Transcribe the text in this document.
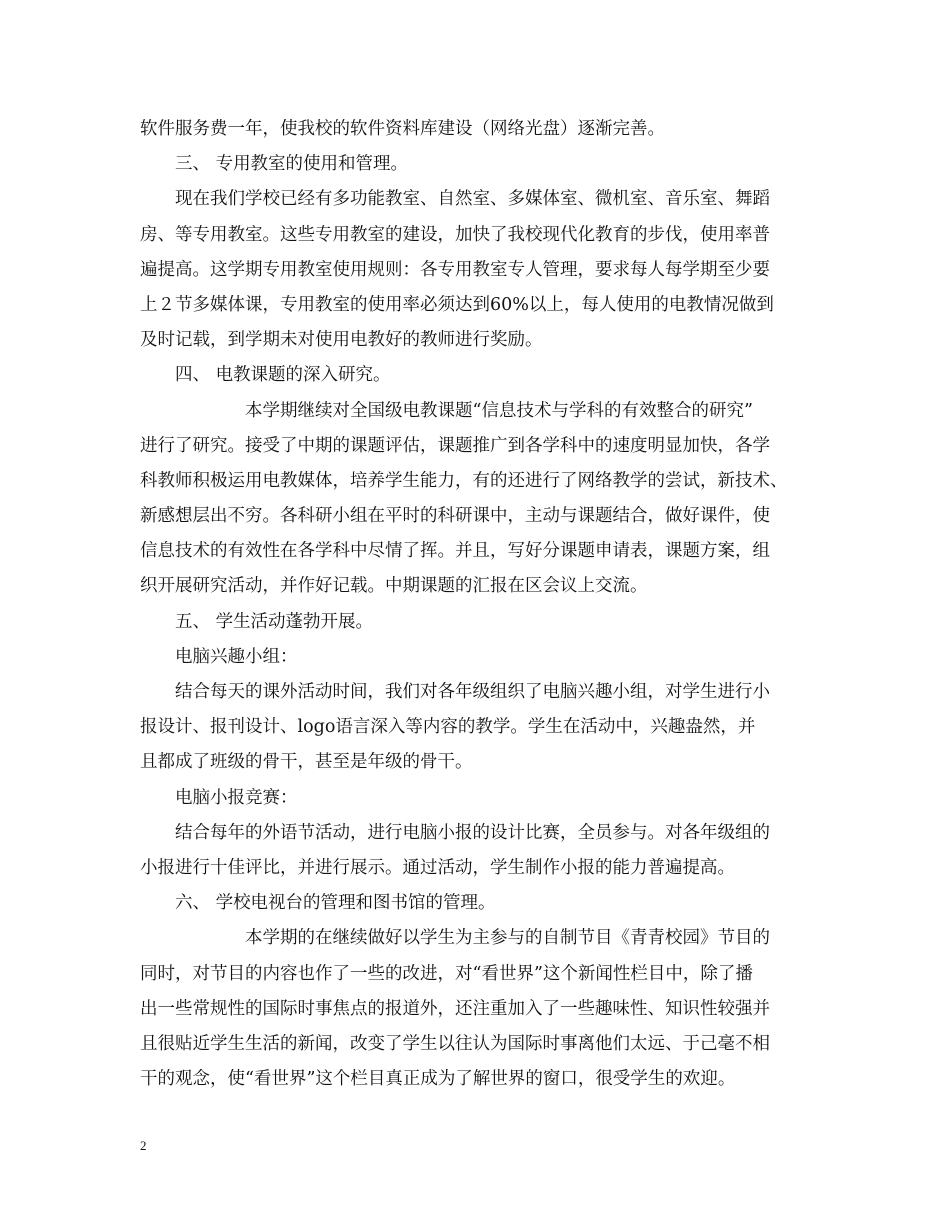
软件服务费一年，使我校的软件资料库建设（网络光盘）逐渐完善。
三、 专用教室的使用和管理。
现在我们学校已经有多功能教室、自然室、多媒体室、微机室、音乐室、舞蹈
房、等专用教室。这些专用教室的建设，加快了我校现代化教育的步伐，使用率普
遍提高。这学期专用教室使用规则：各专用教室专人管理，要求每人每学期至少要
上２节多媒体课，专用教室的使用率必须达到60%以上，每人使用的电教情况做到
及时记载，到学期未对使用电教好的教师进行奖励。
四、 电教课题的深入研究。
本学期继续对全国级电教课题“信息技术与学科的有效整合的研究”
进行了研究。接受了中期的课题评估，课题推广到各学科中的速度明显加快，各学
科教师积极运用电教媒体，培养学生能力，有的还进行了网络教学的尝试，新技术、
新感想层出不穷。各科研小组在平时的科研课中，主动与课题结合，做好课件，使
信息技术的有效性在各学科中尽情了挥。并且，写好分课题申请表，课题方案，组
织开展研究活动，并作好记载。中期课题的汇报在区会议上交流。
五、 学生活动蓬勃开展。
电脑兴趣小组：
结合每天的课外活动时间，我们对各年级组织了电脑兴趣小组，对学生进行小
报设计、报刊设计、logo语言深入等内容的教学。学生在活动中，兴趣盎然，并
且都成了班级的骨干，甚至是年级的骨干。
电脑小报竞赛：
结合每年的外语节活动，进行电脑小报的设计比赛，全员参与。对各年级组的
小报进行十佳评比，并进行展示。通过活动，学生制作小报的能力普遍提高。
六、 学校电视台的管理和图书馆的管理。
本学期的在继续做好以学生为主参与的自制节目《青青校园》节目的
同时，对节目的内容也作了一些的改进，对“看世界”这个新闻性栏目中，除了播
出一些常规性的国际时事焦点的报道外，还注重加入了一些趣味性、知识性较强并
且很贴近学生生活的新闻，改变了学生以往认为国际时事离他们太远、于己毫不相
干的观念，使“看世界”这个栏目真正成为了解世界的窗口，很受学生的欢迎。
2
